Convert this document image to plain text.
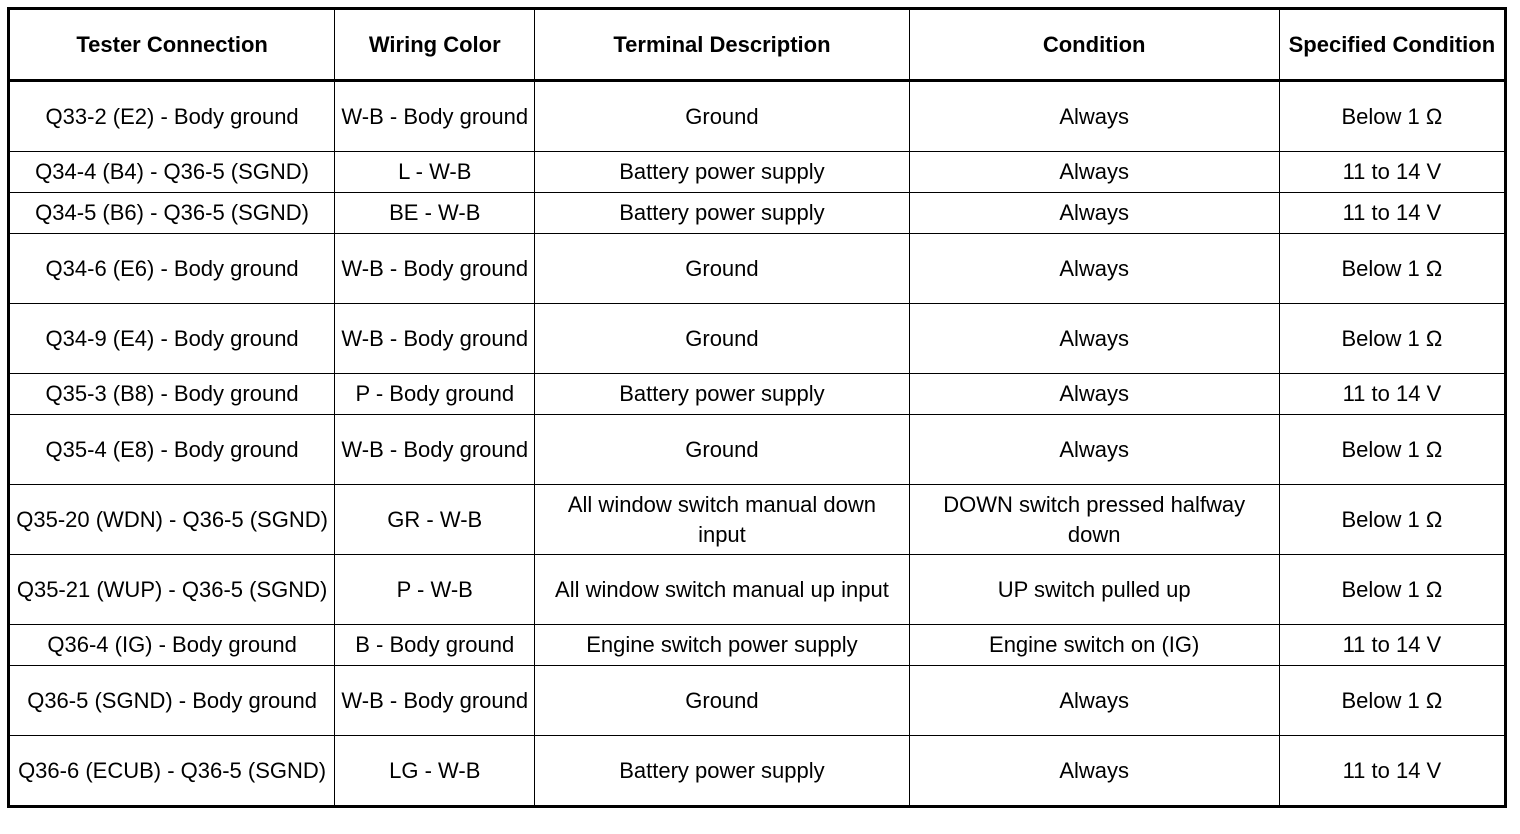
Tester Connection	Wiring Color	Terminal Description	Condition	Specified Condition
Q33-2 (E2) - Body ground	W-B - Body ground	Ground	Always	Below 1 Ω
Q34-4 (B4) - Q36-5 (SGND)	L - W-B	Battery power supply	Always	11 to 14 V
Q34-5 (B6) - Q36-5 (SGND)	BE - W-B	Battery power supply	Always	11 to 14 V
Q34-6 (E6) - Body ground	W-B - Body ground	Ground	Always	Below 1 Ω
Q34-9 (E4) - Body ground	W-B - Body ground	Ground	Always	Below 1 Ω
Q35-3 (B8) - Body ground	P - Body ground	Battery power supply	Always	11 to 14 V
Q35-4 (E8) - Body ground	W-B - Body ground	Ground	Always	Below 1 Ω
Q35-20 (WDN) - Q36-5 (SGND)	GR - W-B	All window switch manual down input	DOWN switch pressed halfway down	Below 1 Ω
Q35-21 (WUP) - Q36-5 (SGND)	P - W-B	All window switch manual up input	UP switch pulled up	Below 1 Ω
Q36-4 (IG) - Body ground	B - Body ground	Engine switch power supply	Engine switch on (IG)	11 to 14 V
Q36-5 (SGND) - Body ground	W-B - Body ground	Ground	Always	Below 1 Ω
Q36-6 (ECUB) - Q36-5 (SGND)	LG - W-B	Battery power supply	Always	11 to 14 V
